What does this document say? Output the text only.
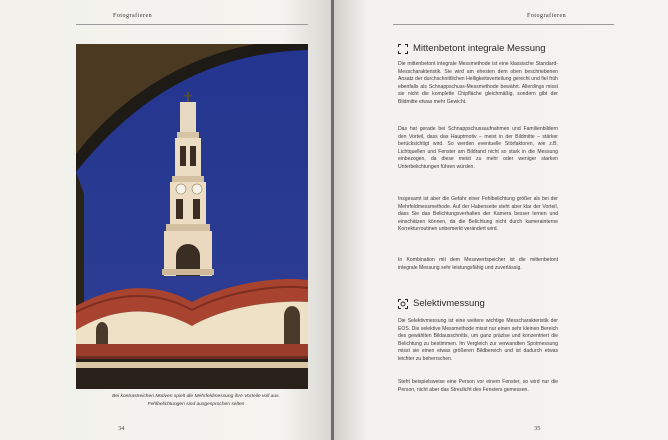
Fotografieren
Bei kontrastreichen Motiven spielt die Mehrfeldmessung ihre Vorteile voll aus. Fehlbelichtungen sind ausgesprochen selten
34
Fotografieren
Mittenbetont integrale Messung

Die mittenbetont integrale Messmethode ist eine klassische Standard-Messcharakteristik. Sie wird am ehesten dem oben beschriebenen Ansatz der durchschnittlichen Helligkeitsverteilung gerecht und fiel früh ebenfalls als Schnappschuss-Messmethode bewährt. Allerdings misst sie nicht die komplette Chipfläche gleichmäßig, sondern gibt der Bildmitte etwas mehr Gewicht.

Das hat gerade bei Schnappschussaufnahmen und Familienbildern den Vorteil, dass das Hauptmotiv – meist in der Bildmitte – stärker berücksichtigt wird. So werden eventuelle Störfaktoren, wie z.B. Lichtquellen und Fenster am Bildrand nicht so stark in die Messung einbezogen, da diese meist zu mehr oder weniger starken Unterbelichtungen führen würden.

Insgesamt ist aber die Gefahr einer Fehlbelichtung größer als bei der Mehrfeldmessmethode. Auf der Habenseite steht aber klar der Vorteil, dass Sie das Belichtungsverhalten der Kamera besser lernen und einschätzen können, da die Belichtung nicht durch kamerainterne Korrekturroutinen unbemerkt verändert wird.

In Kombination mit dem Messwertspeicher ist die mittenbetont integrale Messung sehr leistungsfähig und zuverlässig.

Selektivmessung

Die Selektivmessung ist eine weitere wichtige Messcharakteristik der EOS. Die selektive Messmethode misst nur einen sehr kleinen Bereich des gewählten Bildausschnitts, um ganz präzise und konzentriert die Belichtung zu bestimmen. Im Vergleich zur verwandten Spotmessung misst sie einen etwas größeren Bildbereich und ist dadurch etwas leichter zu beherrschen.

Steht beispielsweise eine Person vor einem Fenster, so wird nur die Person, nicht aber das Streulicht des Fensters gemessen.

35
